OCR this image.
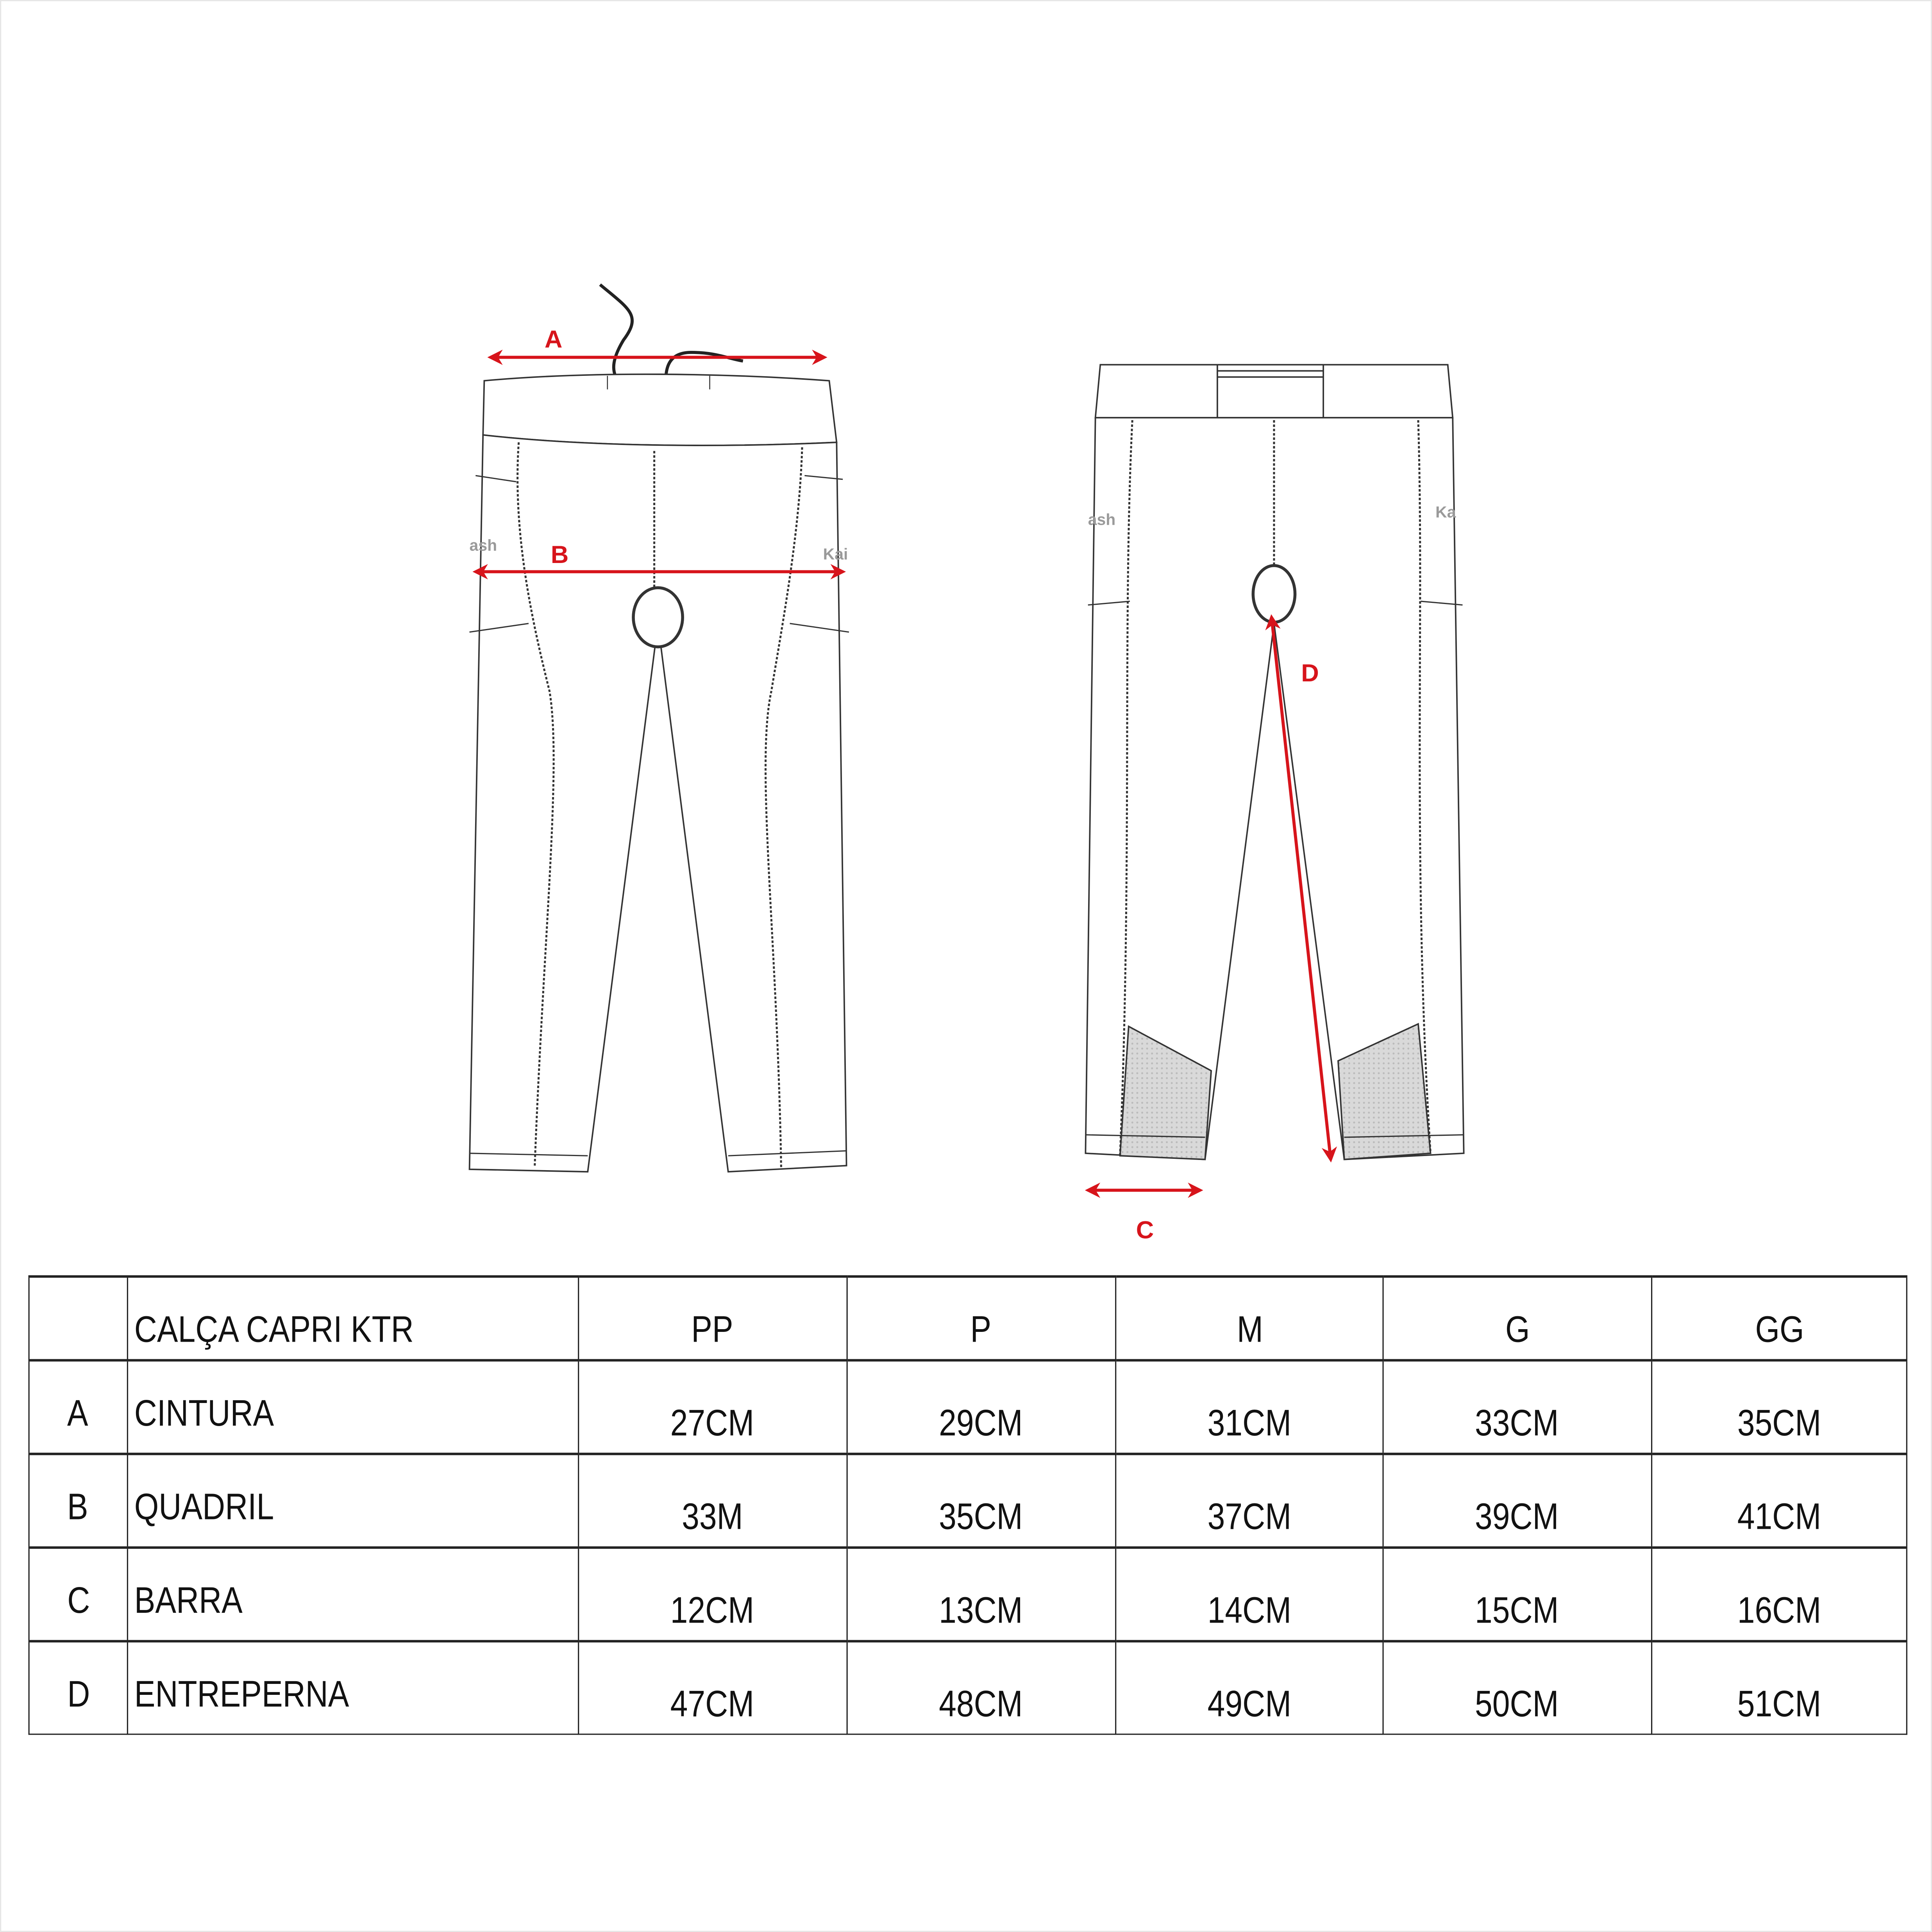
ash	Kai
ash	Ka
A
B
C
D
	CALÇA CAPRI KTR	PP	P	M	G	GG
A	CINTURA	27CM	29CM	31CM	33CM	35CM
B	QUADRIL	33M	35CM	37CM	39CM	41CM
C	BARRA	12CM	13CM	14CM	15CM	16CM
D	ENTREPERNA	47CM	48CM	49CM	50CM	51CM
